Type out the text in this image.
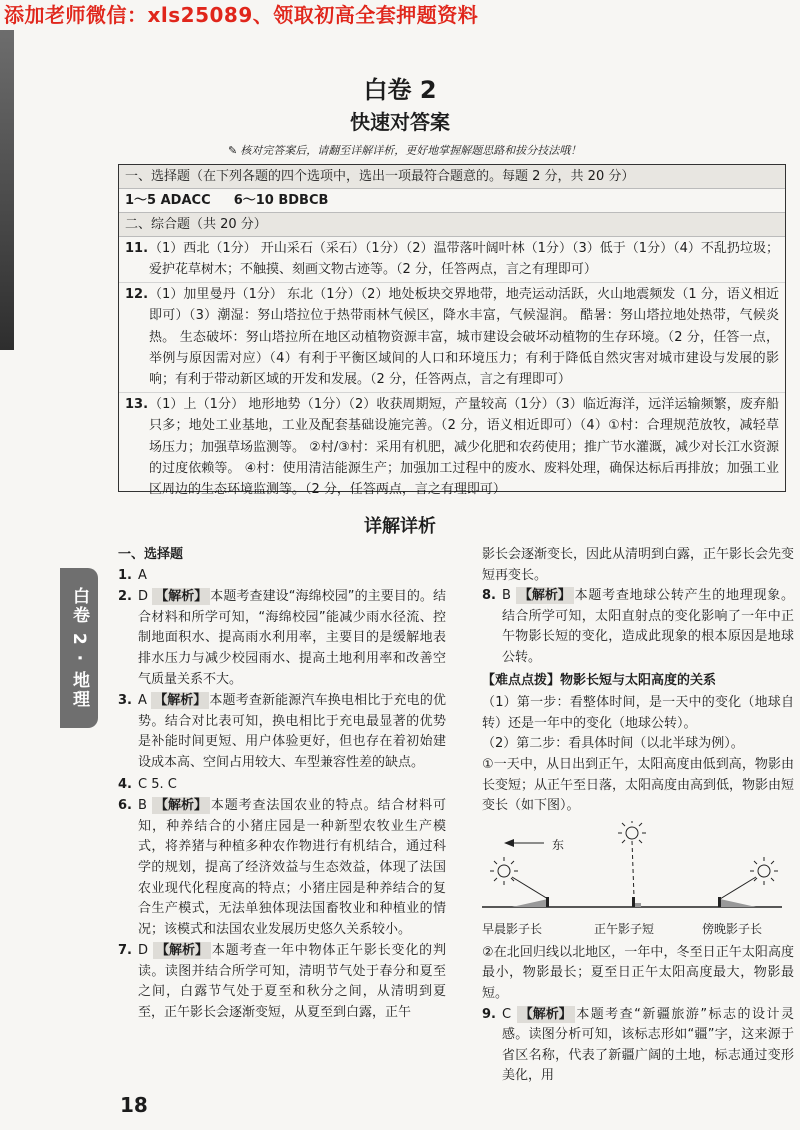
添加老师微信：xls25089、领取初高全套押题资料
白卷 2
快速对答案
✎ 核对完答案后，请翻至详解详析，更好地掌握解题思路和拔分技法哦！
一、选择题（在下列各题的四个选项中，选出一项最符合题意的。每题 2 分，共 20 分）
1～5 ADACC 6～10 BDBCB
二、综合题（共 20 分）
11. （1）西北（1分） 开山采石（采石）（1分）（2）温带落叶阔叶林（1分）（3）低于（1分）（4）不乱扔垃圾；爱护花草树木；不触摸、刻画文物古迹等。（2 分，任答两点，言之有理即可）
12. （1）加里曼丹（1分） 东北（1分）（2）地处板块交界地带，地壳运动活跃，火山地震频发（1 分，语义相近即可）（3）潮湿：努山塔拉位于热带雨林气候区，降水丰富，气候湿润。 酷暑：努山塔拉地处热带，气候炎热。 生态破坏：努山塔拉所在地区动植物资源丰富，城市建设会破坏动植物的生存环境。（2 分，任答一点，举例与原因需对应）（4）有利于平衡区域间的人口和环境压力；有利于降低自然灾害对城市建设与发展的影响；有利于带动新区域的开发和发展。（2 分，任答两点，言之有理即可）
13. （1）上（1分） 地形地势（1分）（2）收获周期短，产量较高（1分）（3）临近海洋，远洋运输频繁，废弃船只多；地处工业基地，工业及配套基础设施完善。（2 分，语义相近即可）（4）①村：合理规范放牧，减轻草场压力；加强草场监测等。 ②村/③村：采用有机肥，减少化肥和农药使用；推广节水灌溉，减少对长江水资源的过度依赖等。 ④村：使用清洁能源生产；加强加工过程中的废水、废料处理，确保达标后再排放；加强工业区周边的生态环境监测等。（2 分，任答两点，言之有理即可）
详解详析
白卷 2 · 地理
一、选择题
1. A
2. D 【解析】 本题考查建设“海绵校园”的主要目的。结合材料和所学可知，“海绵校园”能减少雨水径流、控制地面积水、提高雨水利用率，主要目的是缓解地表排水压力与减少校园雨水、提高土地利用率和改善空气质量关系不大。
3. A 【解析】 本题考查新能源汽车换电相比于充电的优势。结合对比表可知，换电相比于充电最显著的优势是补能时间更短、用户体验更好，但也存在着初始建设成本高、空间占用较大、车型兼容性差的缺点。
4. C 5. C
6. B 【解析】 本题考查法国农业的特点。结合材料可知，种养结合的小猪庄园是一种新型农牧业生产模式，将养猪与种植多种农作物进行有机结合，通过科学的规划，提高了经济效益与生态效益，体现了法国农业现代化程度高的特点；小猪庄园是种养结合的复合生产模式，无法单独体现法国畜牧业和种植业的情况；该模式和法国农业发展历史悠久关系较小。
7. D 【解析】 本题考查一年中物体正午影长变化的判读。读图并结合所学可知，清明节气处于春分和夏至之间，白露节气处于夏至和秋分之间，从清明到夏至，正午影长会逐渐变短，从夏至到白露，正午

影长会逐渐变长，因此从清明到白露，正午影长会先变短再变长。

8. B 【解析】 本题考查地球公转产生的地理现象。结合所学可知，太阳直射点的变化影响了一年中正午物影长短的变化，造成此现象的根本原因是地球公转。
【难点点拨】物影长短与太阳高度的关系

（1）第一步：看整体时间，是一天中的变化（地球自转）还是一年中的变化（地球公转）。

（2）第二步：看具体时间（以北半球为例）。

①一天中，从日出到正午，太阳高度由低到高，物影由长变短；从正午至日落，太阳高度由高到低，物影由短变长（如下图）。

东
早晨影子长	正午影子短	傍晚影子长

②在北回归线以北地区，一年中，冬至日正午太阳高度最小，物影最长；夏至日正午太阳高度最大，物影最短。

9. C 【解析】 本题考查“新疆旅游”标志的设计灵感。读图分析可知，该标志形如“疆”字，这来源于省区名称，代表了新疆广阔的土地，标志通过变形美化，用
18
